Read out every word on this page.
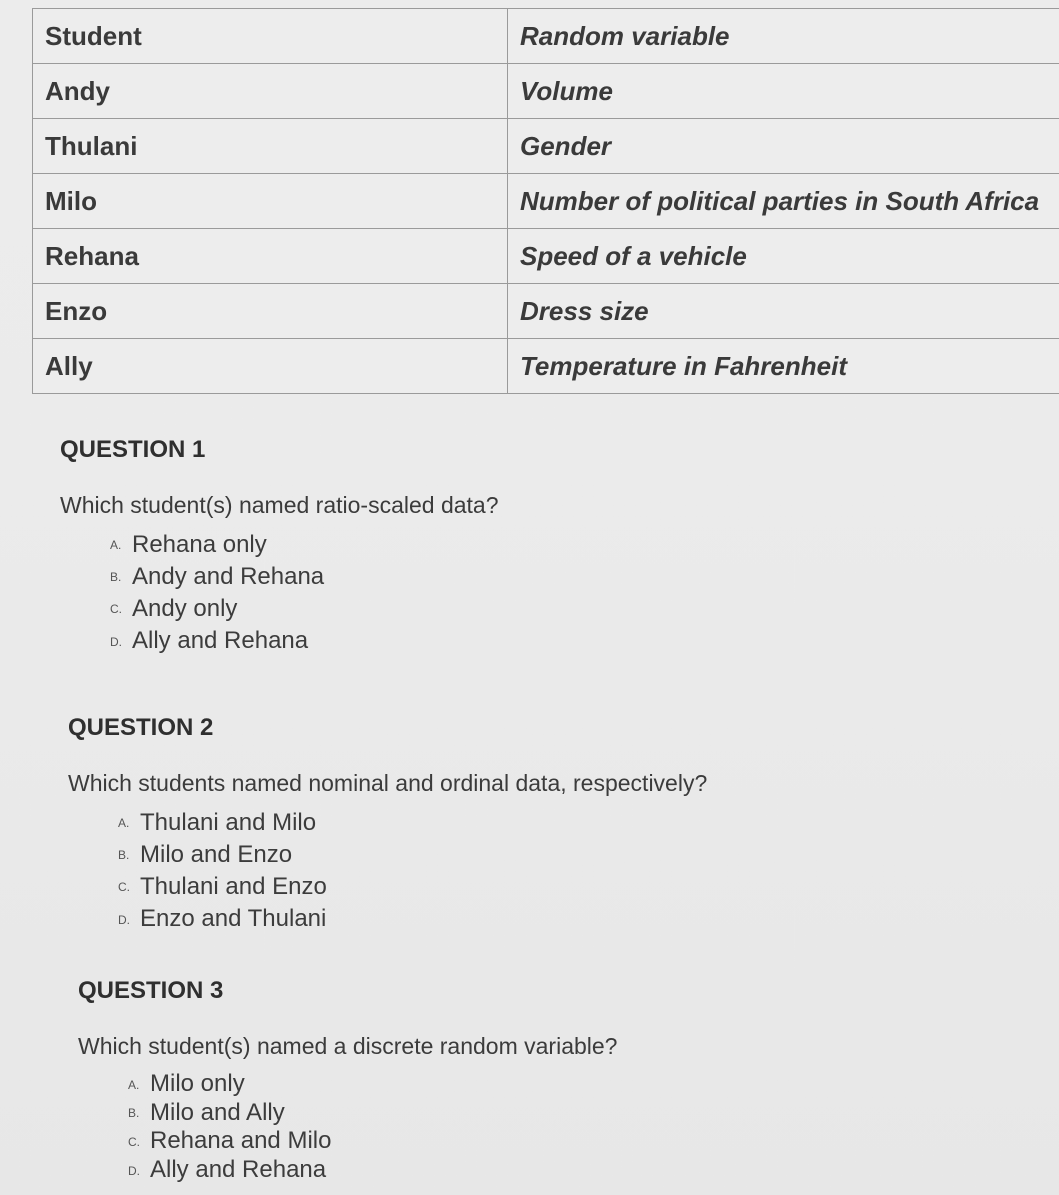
Student	Random variable
Andy	Volume
Thulani	Gender
Milo	Number of political parties in South Africa
Rehana	Speed of a vehicle
Enzo	Dress size
Ally	Temperature in Fahrenheit
QUESTION 1
Which student(s) named ratio-scaled data?
A. Rehana only
B. Andy and Rehana
C. Andy only
D. Ally and Rehana
QUESTION 2
Which students named nominal and ordinal data, respectively?
A. Thulani and Milo
B. Milo and Enzo
C. Thulani and Enzo
D. Enzo and Thulani
QUESTION 3
Which student(s) named a discrete random variable?
A. Milo only
B. Milo and Ally
C. Rehana and Milo
D. Ally and Rehana
